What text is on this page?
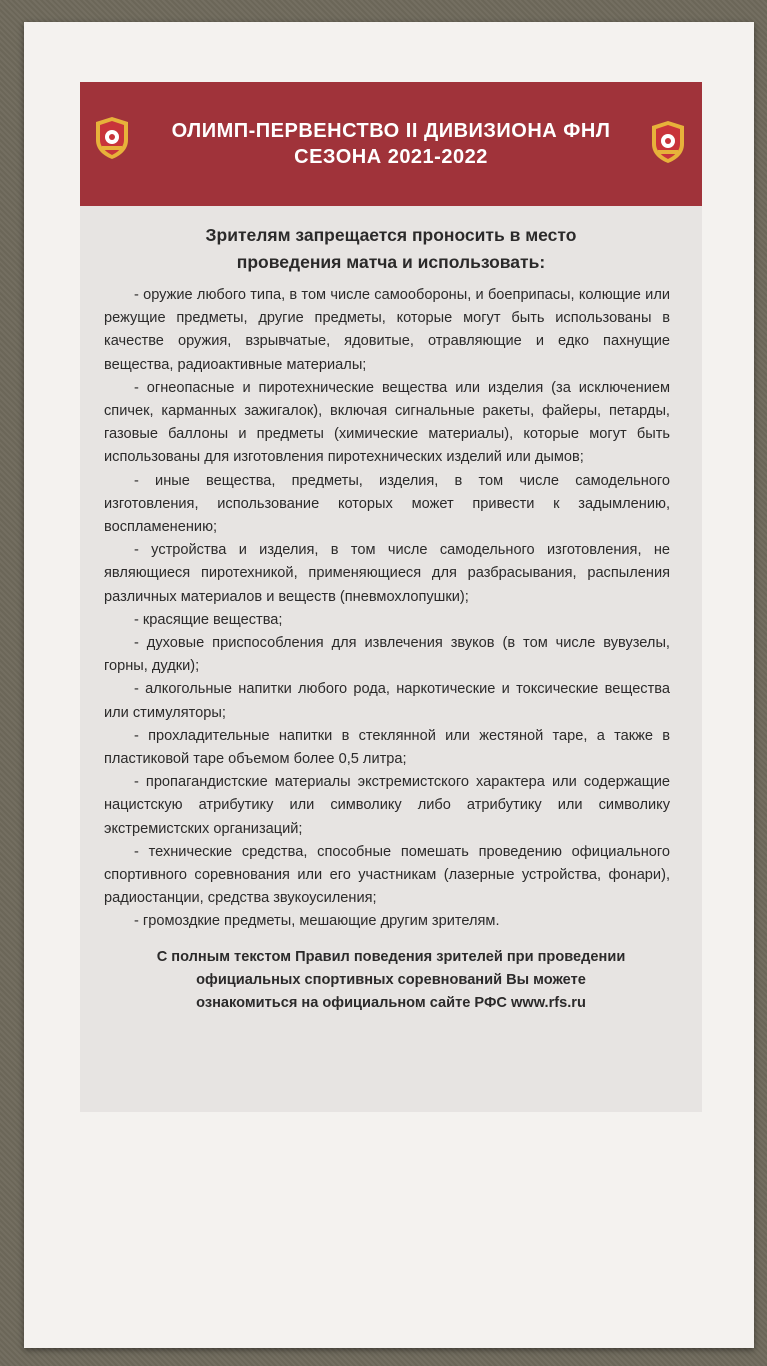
ОЛИМП-ПЕРВЕНСТВО II ДИВИЗИОНА ФНЛ
СЕЗОНА 2021-2022
Зрителям запрещается проносить в место
проведения матча и использовать:
- оружие любого типа, в том числе самообороны, и боеприпасы, колющие или режущие предметы, другие предметы, которые могут быть использованы в качестве оружия, взрывчатые, ядовитые, отравляющие и едко пахнущие вещества, радиоактивные материалы;
- огнеопасные и пиротехнические вещества или изделия (за исключением спичек, карманных зажигалок), включая сигнальные ракеты, файеры, петарды, газовые баллоны и предметы (химические материалы), которые могут быть использованы для изготовления пиротехнических изделий или дымов;
- иные вещества, предметы, изделия, в том числе самодельного изготовления, использование которых может привести к задымлению, воспламенению;
- устройства и изделия, в том числе самодельного изготовления, не являющиеся пиротехникой, применяющиеся для разбрасывания, распыления различных материалов и веществ (пневмохлопушки);
- красящие вещества;
- духовые приспособления для извлечения звуков (в том числе вувузелы, горны, дудки);
- алкогольные напитки любого рода, наркотические и токсические вещества или стимуляторы;
- прохладительные напитки в стеклянной или жестяной таре, а также в пластиковой таре объемом более 0,5 литра;
- пропагандистские материалы экстремистского характера или содержащие нацистскую атрибутику или символику либо атрибутику или символику экстремистских организаций;
- технические средства, способные помешать проведению официального спортивного соревнования или его участникам (лазерные устройства, фонари), радиостанции, средства звукоусиления;
- громоздкие предметы, мешающие другим зрителям.
С полным текстом Правил поведения зрителей при проведении
официальных спортивных соревнований Вы можете
ознакомиться на официальном сайте РФС www.rfs.ru
